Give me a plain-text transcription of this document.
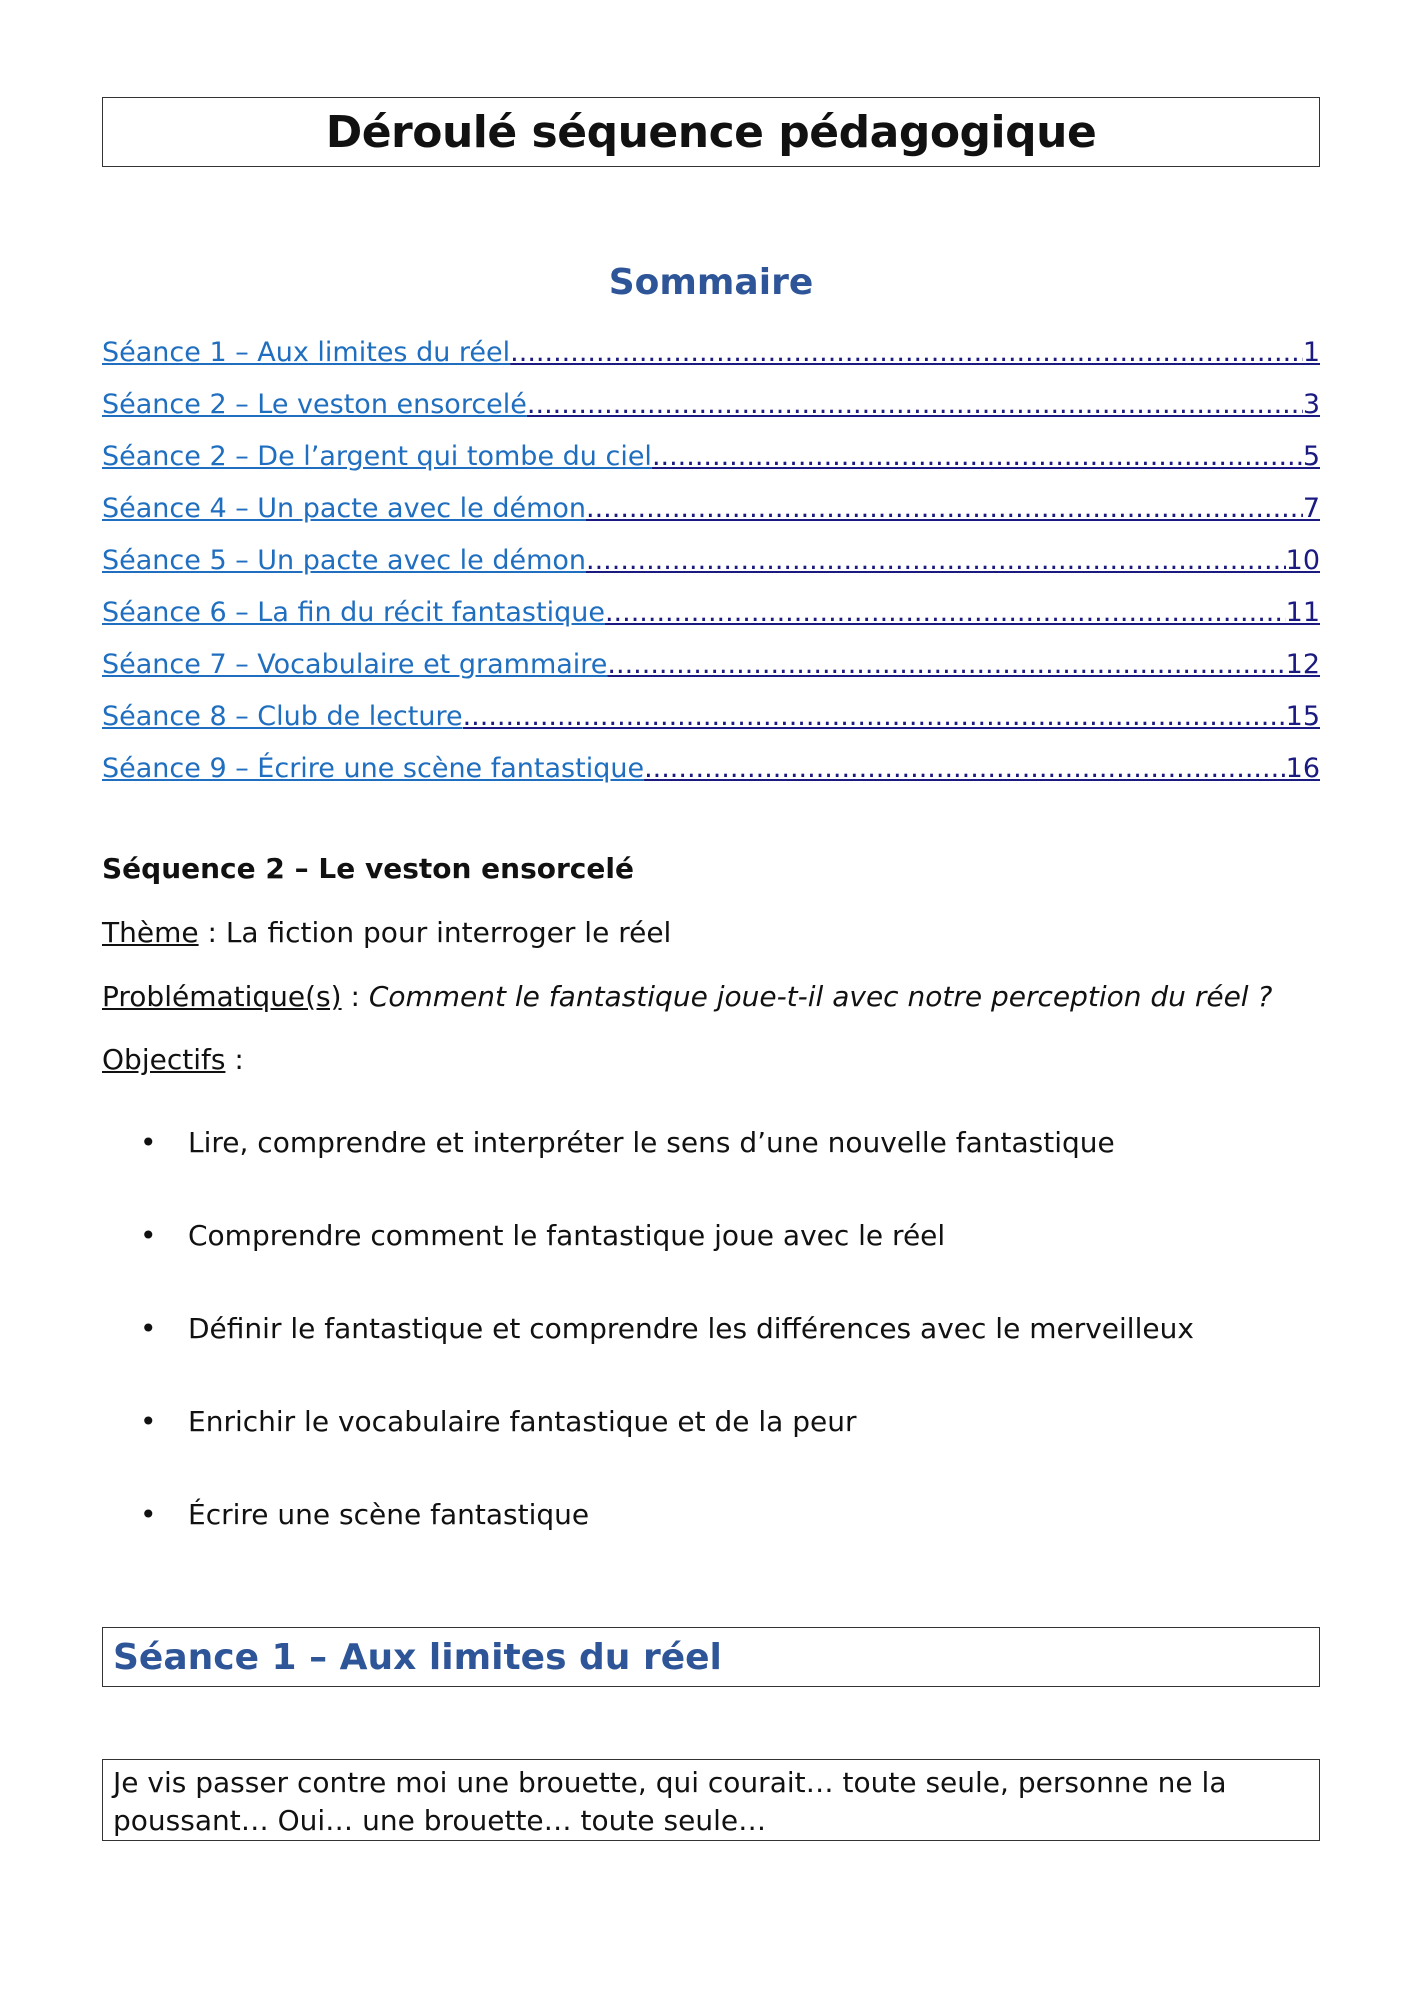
Déroulé séquence pédagogique
Sommaire
Séance 1 – Aux limites du réel .....	1
Séance 2 – Le veston ensorcelé .....	3
Séance 2 – De l’argent qui tombe du ciel .....	5
Séance 4 – Un pacte avec le démon .....	7
Séance 5 – Un pacte avec le démon .....	10
Séance 6 – La fin du récit fantastique .....	11
Séance 7 – Vocabulaire et grammaire .....	12
Séance 8 – Club de lecture .....	15
Séance 9 – Écrire une scène fantastique .....	16
Séquence 2 – Le veston ensorcelé
Thème : La fiction pour interroger le réel
Problématique(s) : Comment le fantastique joue-t-il avec notre perception du réel ?
Objectifs :
•	Lire, comprendre et interpréter le sens d’une nouvelle fantastique
•	Comprendre comment le fantastique joue avec le réel
•	Définir le fantastique et comprendre les différences avec le merveilleux
•	Enrichir le vocabulaire fantastique et de la peur
•	Écrire une scène fantastique
Séance 1 – Aux limites du réel
Je vis passer contre moi une brouette, qui courait… toute seule, personne ne la poussant… Oui… une brouette… toute seule…
